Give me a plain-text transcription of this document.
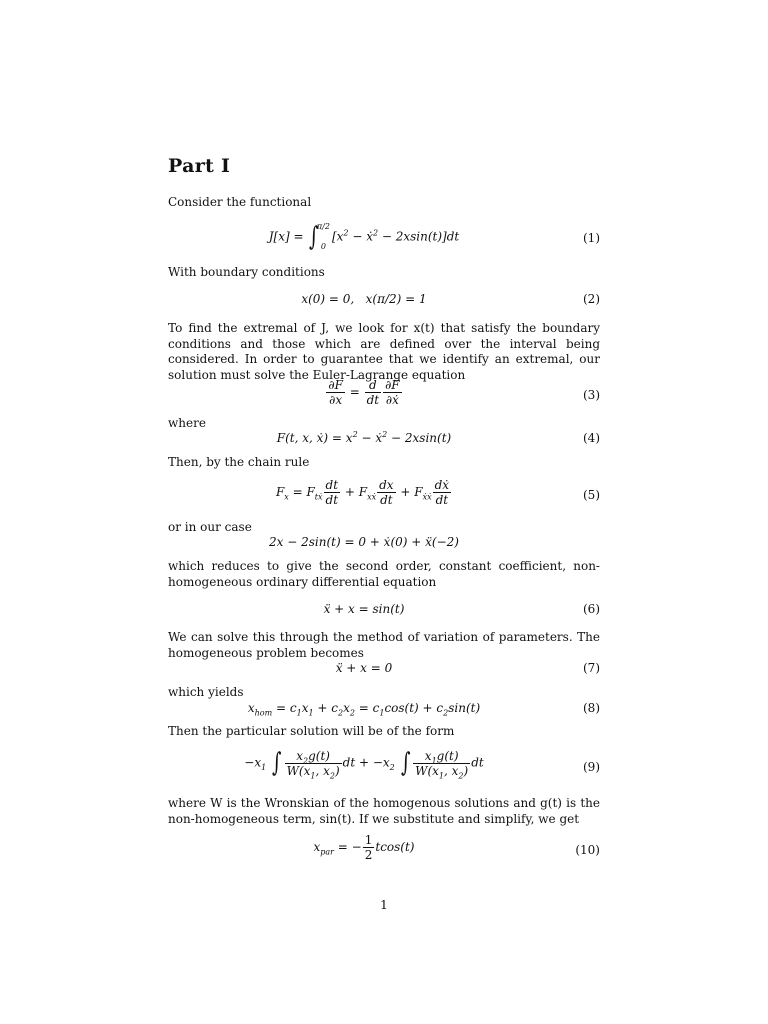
Part I
Consider the functional
J[x] = ∫
π/2

0
[$x^2$ − ẋ$^2$ − 2xsin(t)]dt	(1)
With boundary conditions
x(0) = 0,   x(π/2) = 1	(2)
To find the extremal of J, we look for x(t) that satisfy the boundary conditions and those which are defined over the interval being considered. In order to guarantee that we identify an extremal, our solution must solve the Euler-Lagrange equation
$\frac{\partial F}{\partial x} = \frac{d}{dt} \frac{\partial F}{\partial ẋ}$	(3)
where
F(t, x, ẋ) = $x^2$ − ẋ$^2$ − 2xsin(t)	(4)
Then, by the chain rule
$F_x = F_{tẋ} \frac{dt}{dt} + F_{xẋ} \frac{dx}{dt} + F_{ẋẋ} \frac{dẋ}{dt}$	(5)
or in our case
2x − 2sin(t) = 0 + ẋ(0) + ẍ(−2)
which reduces to give the second order, constant coefficient, non-homogeneous ordinary differential equation
ẍ + x = sin(t)	(6)
We can solve this through the method of variation of parameters. The homogeneous problem becomes
ẍ + x = 0	(7)
which yields
$x_{hom} = c_1x_1 + c_2x_2 = c_1\cos(t) + c_2\sin(t)$	(8)
Then the particular solution will be of the form
$-x_1$ ∫ $\frac{x_2g(t)}{W(x_1, x_2)}$ dt + $-x_2$ ∫ $\frac{x_1g(t)}{W(x_1, x_2)}$ dt	(9)
where W is the Wronskian of the homogenous solutions and g(t) is the non-homogeneous term, sin(t). If we substitute and simplify, we get
$x_{par}$ = − $\frac{1}{2} tcos(t)$	(10)
1
